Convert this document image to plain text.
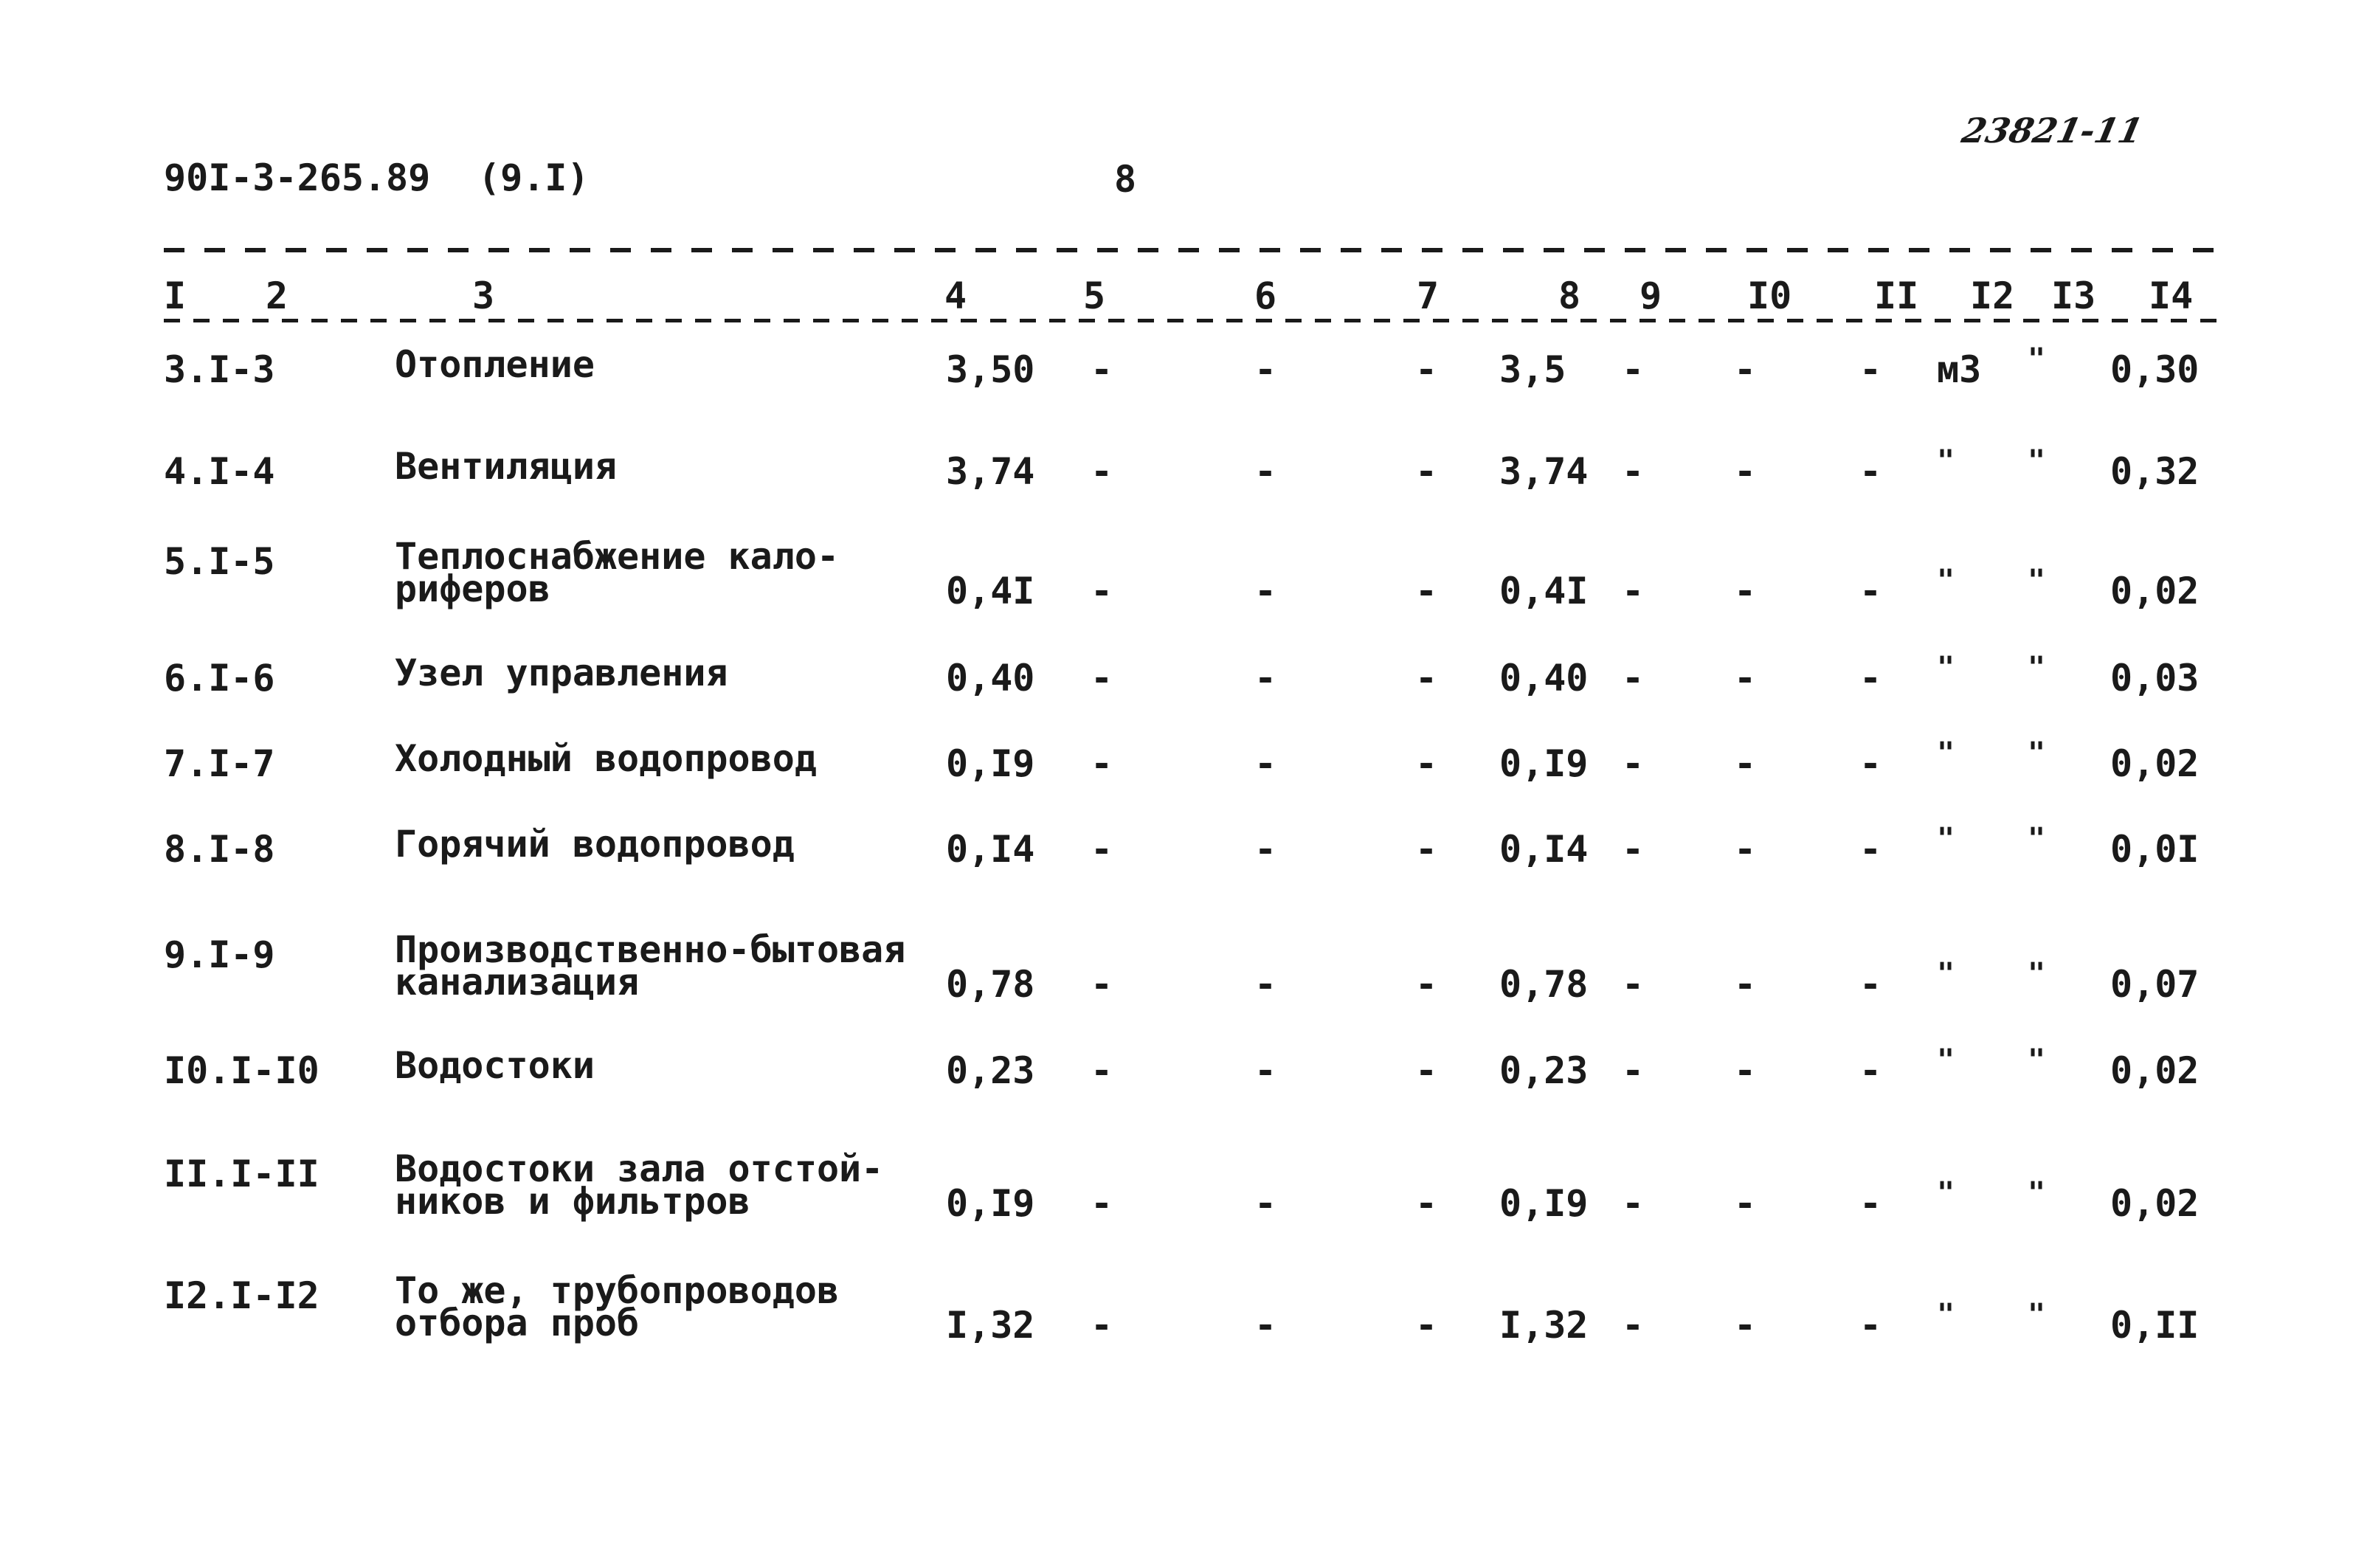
90I-3-265.89 (9.I)	8
23821-11
I 2	3	4	5	6	7	8 9 I0 II I2 I3 I4
3.I-3	Отопление	3,50 -	-	- 3,5 - -	- м3 " 0,30
4.I-4	Вентиляция	3,74 -	-	- 3,74 - -	- " " 0,32
5.I-5	Теплоснабжение кало-
риферов	0,4I -	-	- 0,4I - -	- " " 0,02
6.I-6	Узел управления	0,40 -	-	- 0,40 - -	- " " 0,03
7.I-7	Холодный водопровод	0,I9 -	-	- 0,I9 - -	- " " 0,02
8.I-8	Горячий водопровод	0,I4 -	-	- 0,I4 - -	- " " 0,0I
9.I-9	Производственно-бытовая
канализация	0,78 -	-	- 0,78 - -	- " " 0,07
I0.I-I0 Водостоки	0,23 -	-	- 0,23 - -	- " " 0,02
II.I-II Водостоки зала отстой-
ников и фильтров	0,I9 -	-	- 0,I9 - -	- " " 0,02
I2.I-I2 То же, трубопроводов
отбора проб	I,32 -	-	- I,32 - -	- " " 0,II
